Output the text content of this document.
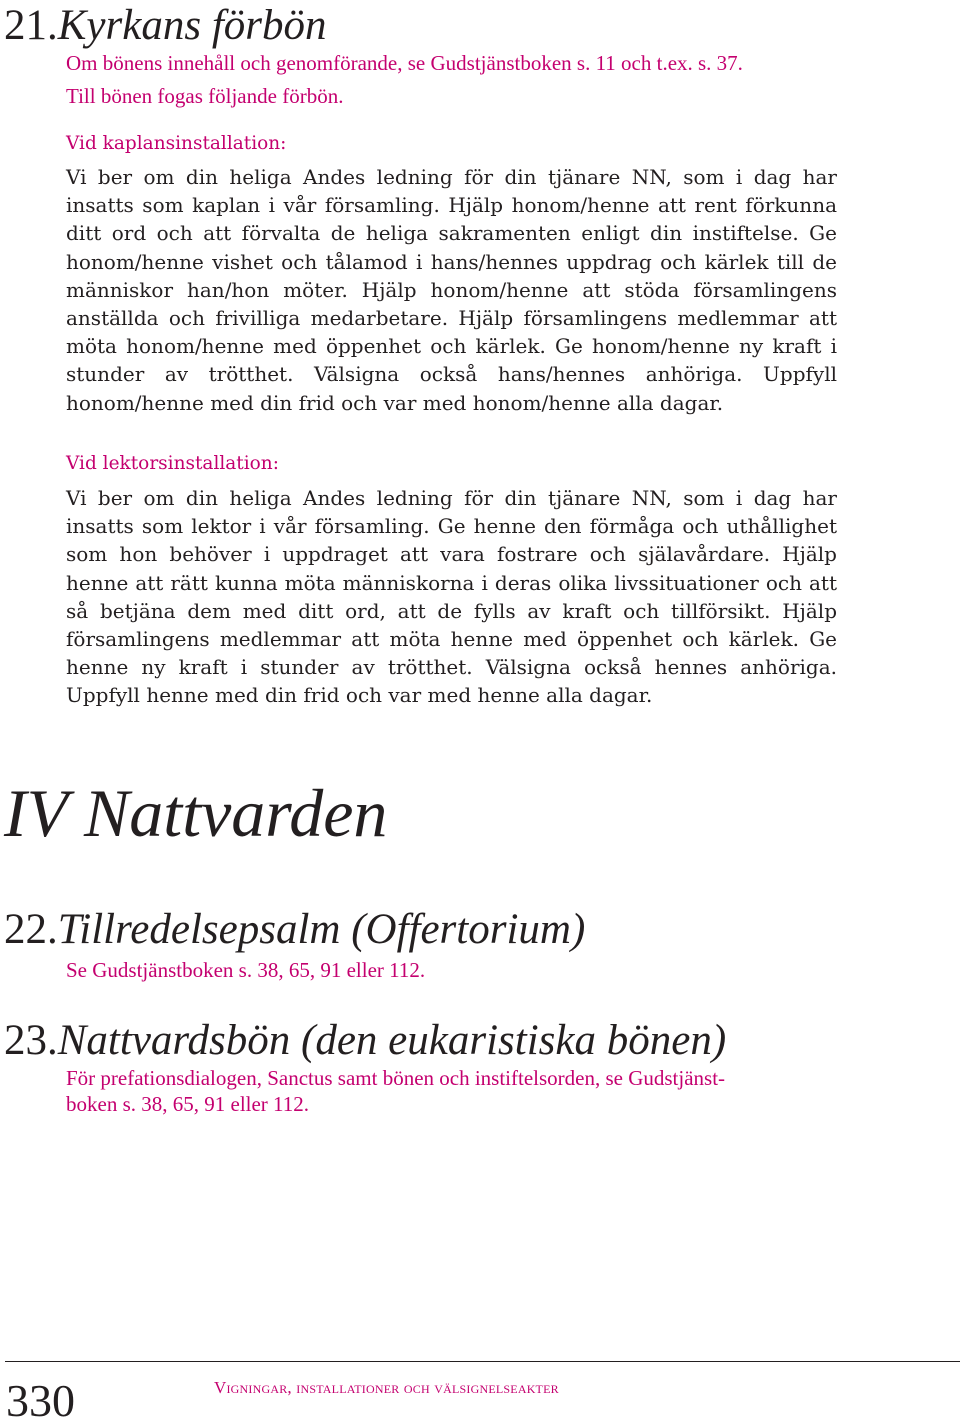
21.Kyrkans förbön
Om bönens innehåll och genomförande, se Gudstjänstboken s. 11 och t.ex. s. 37.
Till bönen fogas följande förbön.
Vid kaplansinstallation:
Vi ber om din heliga Andes ledning för din tjänare NN, som i dag har insatts som kaplan i vår församling. Hjälp honom/henne att rent förkunna ditt ord och att förvalta de heliga sakramenten enligt din instiftelse. Ge honom/henne vishet och tålamod i hans/hennes uppdrag och kärlek till de människor han/hon möter. Hjälp honom/henne att stöda församlingens anställda och frivilliga medarbetare. Hjälp församlingens medlemmar att möta honom/henne med öppenhet och kärlek. Ge honom/henne ny kraft i stunder av trötthet. Välsigna också hans/hennes anhöriga. Uppfyll honom/henne med din frid och var med honom/henne alla dagar.
Vid lektorsinstallation:
Vi ber om din heliga Andes ledning för din tjänare NN, som i dag har insatts som lektor i vår församling. Ge henne den förmåga och uthållighet som hon behöver i uppdraget att vara fostrare och själavårdare. Hjälp henne att rätt kunna möta människorna i deras olika livssituationer och att så betjäna dem med ditt ord, att de fylls av kraft och tillförsikt. Hjälp församlingens medlemmar att möta henne med öppenhet och kärlek. Ge henne ny kraft i stunder av trötthet. Välsigna också hennes anhöriga. Uppfyll henne med din frid och var med henne alla dagar.
IV Nattvarden
22.Tillredelsepsalm (Offertorium)
Se Gudstjänstboken s. 38, 65, 91 eller 112.
23.Nattvardsbön (den eukaristiska bönen)
För prefationsdialogen, Sanctus samt bönen och instiftelsorden, se Gudstjänst-
boken s. 38, 65, 91 eller 112.
330	Vigningar, installationer och välsignelseakter
